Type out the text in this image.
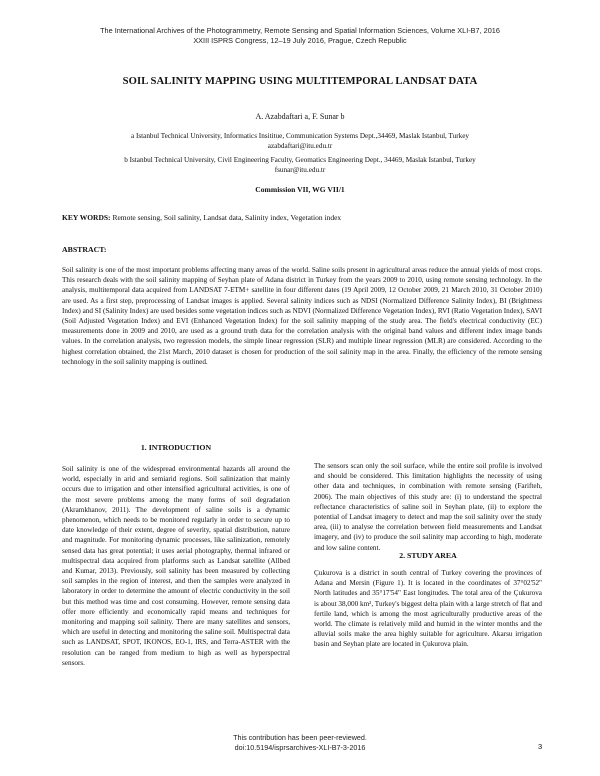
The International Archives of the Photogrammetry, Remote Sensing and Spatial Information Sciences, Volume XLI-B7, 2016
XXIII ISPRS Congress, 12–19 July 2016, Prague, Czech Republic
SOIL SALINITY MAPPING USING MULTITEMPORAL LANDSAT DATA
A. Azabdaftari a, F. Sunar b
a Istanbul Technical University, Informatics Insititue, Communication Systems Dept.,34469, Maslak Istanbul, Turkey
azabdaftari@itu.edu.tr
b Istanbul Technical University, Civil Engineering Faculty, Geomatics Engineering Dept., 34469, Maslak Istanbul, Turkey
fsunar@itu.edu.tr
Commission VII, WG VII/1
KEY WORDS: Remote sensing, Soil salinity, Landsat data, Salinity index, Vegetation index
ABSTRACT:
Soil salinity is one of the most important problems affecting many areas of the world. Saline soils present in agricultural areas reduce the annual yields of most crops. This research deals with the soil salinity mapping of Seyhan plate of Adana district in Turkey from the years 2009 to 2010, using remote sensing technology. In the analysis, multitemporal data acquired from LANDSAT 7-ETM+ satellite in four different dates (19 April 2009, 12 October 2009, 21 March 2010, 31 October 2010) are used. As a first step, preprocessing of Landsat images is applied. Several salinity indices such as NDSI (Normalized Difference Salinity Index), BI (Brightness Index) and SI (Salinity Index) are used besides some vegetation indices such as NDVI (Normalized Difference Vegetation Index), RVI (Ratio Vegetation Index), SAVI (Soil Adjusted Vegetation Index) and EVI (Enhanced Vegetation Index) for the soil salinity mapping of the study area. The field's electrical conductivity (EC) measurements done in 2009 and 2010, are used as a ground truth data for the correlation analysis with the original band values and different index image bands values. In the correlation analysis, two regression models, the simple linear regression (SLR) and multiple linear regression (MLR) are considered. According to the highest correlation obtained, the 21st March, 2010 dataset is chosen for production of the soil salinity map in the area. Finally, the efficiency of the remote sensing technology in the soil salinity mapping is outlined.
1. INTRODUCTION
Soil salinity is one of the widespread environmental hazards all around the world, especially in arid and semiarid regions. Soil salinization that mainly occurs due to irrigation and other intensified agricultural activities, is one of the most severe problems among the many forms of soil degradation (Akramkhanov, 2011). The development of saline soils is a dynamic phenomenon, which needs to be monitored regularly in order to secure up to date knowledge of their extent, degree of severity, spatial distribution, nature and magnitude. For monitoring dynamic processes, like salinization, remotely sensed data has great potential; it uses aerial photography, thermal infrared or multispectral data acquired from platforms such as Landsat satellite (Allbed and Kumar, 2013). Previously, soil salinity has been measured by collecting soil samples in the region of interest, and then the samples were analyzed in laboratory in order to determine the amount of electric conductivity in the soil but this method was time and cost consuming. However, remote sensing data offer more efficiently and economically rapid means and techniques for monitoring and mapping soil salinity. There are many satellites and sensors, which are useful in detecting and monitoring the saline soil. Multispectral data such as LANDSAT, SPOT, IKONOS, EO-1, IRS, and Terra-ASTER with the resolution can be ranged from medium to high as well as hyperspectral sensors.
The sensors scan only the soil surface, while the entire soil profile is involved and should be considered. This limitation highlights the necessity of using other data and techniques, in combination with remote sensing (Farifteh, 2006). The main objectives of this study are: (i) to understand the spectral reflectance characteristics of saline soil in Seyhan plate, (ii) to explore the potential of Landsat imagery to detect and map the soil salinity over the study area, (iii) to analyse the correlation between field measurements and Landsat imagery, and (iv) to produce the soil salinity map according to high, moderate and low saline content.
2. STUDY AREA
Çukurova is a district in south central of Turkey covering the provinces of Adana and Mersin (Figure 1). It is located in the coordinates of 37°02'52" North latitudes and 35°17'54" East longitudes. The total area of the Çukurova is about 38,000 km², Turkey's biggest delta plain with a large stretch of flat and fertile land, which is among the most agriculturally productive areas of the world. The climate is relatively mild and humid in the winter months and the alluvial soils make the area highly suitable for agriculture. Akarsu irrigation basin and Seyhan plate are located in Çukurova plain.
This contribution has been peer-reviewed.
doi:10.5194/isprsarchives-XLI-B7-3-2016	3
